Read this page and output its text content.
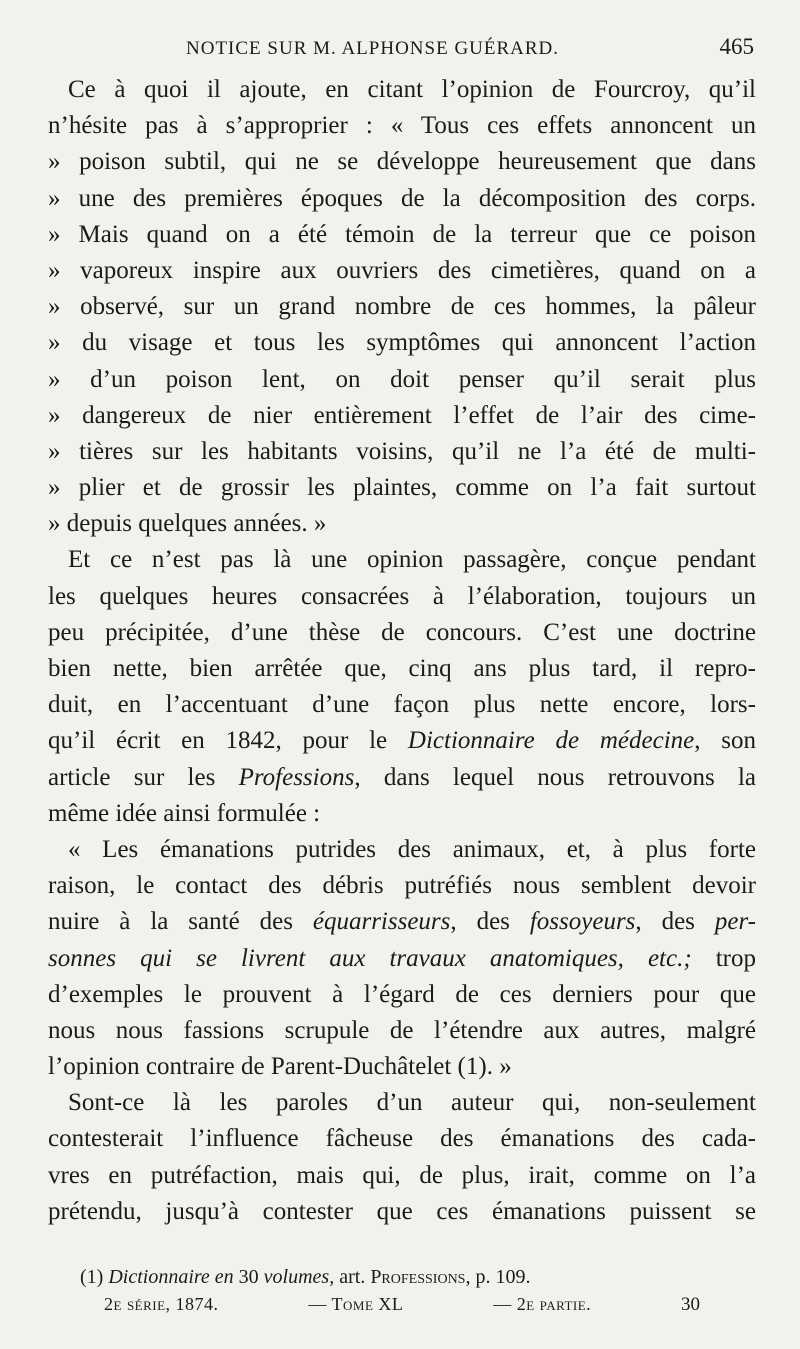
NOTICE SUR M. ALPHONSE GUÉRARD.	465
Ce à quoi il ajoute, en citant l’opinion de Fourcroy, qu’il
n’hésite pas à s’approprier : « Tous ces effets annoncent un
» poison subtil, qui ne se développe heureusement que dans
» une des premières époques de la décomposition des corps.
» Mais quand on a été témoin de la terreur que ce poison
» vaporeux inspire aux ouvriers des cimetières, quand on a
» observé, sur un grand nombre de ces hommes, la pâleur
» du visage et tous les symptômes qui annoncent l’action
» d’un poison lent, on doit penser qu’il serait plus
» dangereux de nier entièrement l’effet de l’air des cime-
» tières sur les habitants voisins, qu’il ne l’a été de multi-
» plier et de grossir les plaintes, comme on l’a fait surtout
» depuis quelques années. »
Et ce n’est pas là une opinion passagère, conçue pendant
les quelques heures consacrées à l’élaboration, toujours un
peu précipitée, d’une thèse de concours. C’est une doctrine
bien nette, bien arrêtée que, cinq ans plus tard, il repro-
duit, en l’accentuant d’une façon plus nette encore, lors-
qu’il écrit en 1842, pour le Dictionnaire de médecine, son
article sur les Professions, dans lequel nous retrouvons la
même idée ainsi formulée :
« Les émanations putrides des animaux, et, à plus forte
raison, le contact des débris putréfiés nous semblent devoir
nuire à la santé des équarrisseurs, des fossoyeurs, des per-
sonnes qui se livrent aux travaux anatomiques, etc.; trop
d’exemples le prouvent à l’égard de ces derniers pour que
nous nous fassions scrupule de l’étendre aux autres, malgré
l’opinion contraire de Parent-Duchâtelet (1). »
Sont-ce là les paroles d’un auteur qui, non-seulement
contesterait l’influence fâcheuse des émanations des cada-
vres en putréfaction, mais qui, de plus, irait, comme on l’a
prétendu, jusqu’à contester que ces émanations puissent se
(1) Dictionnaire en 30 volumes, art. Professions, p. 109.
2e série, 1874.	— Tome XL	— 2e partie.	30
